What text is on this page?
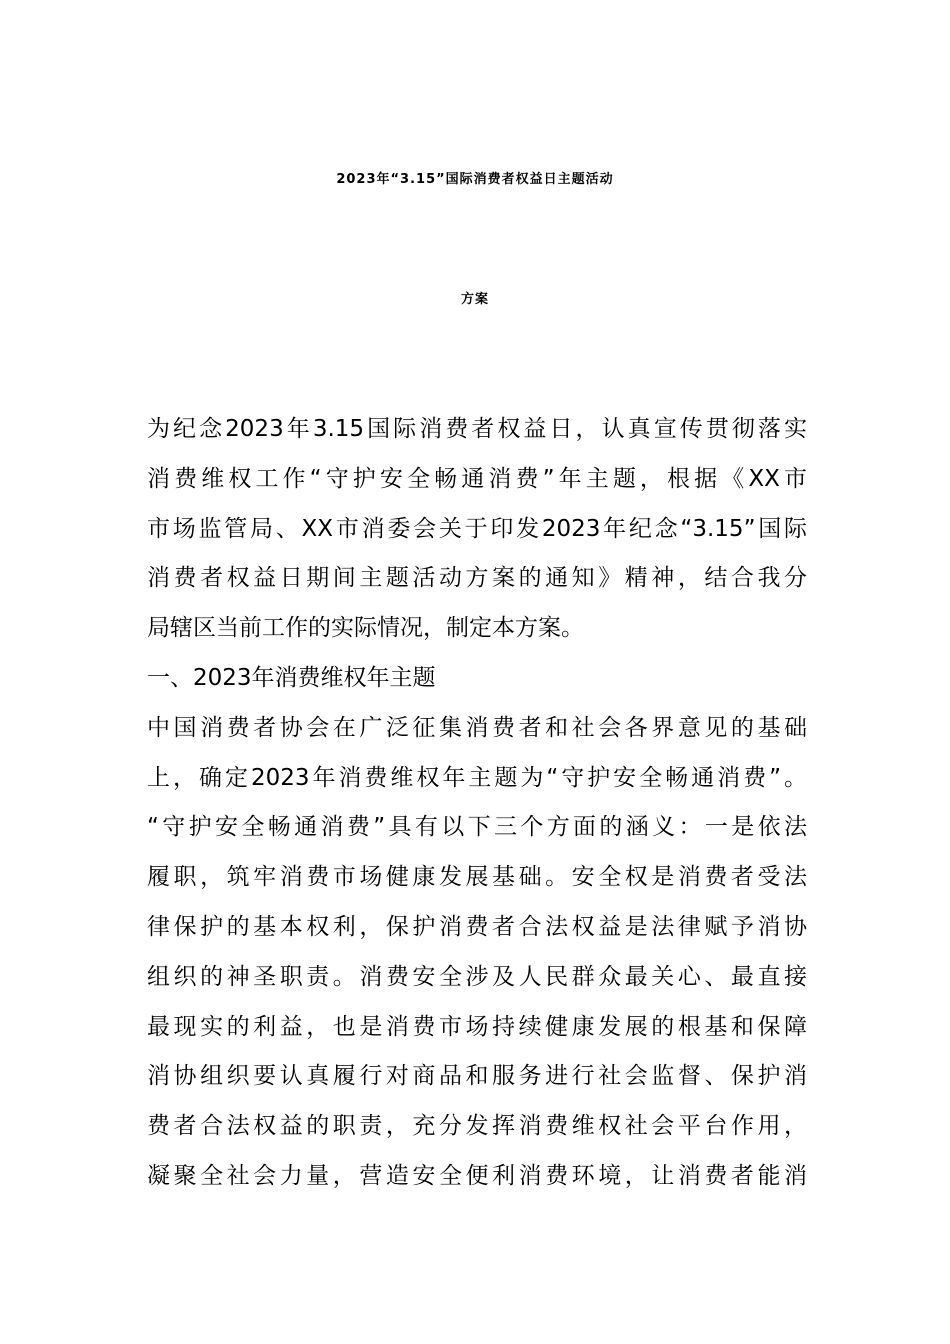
2023年“3.15”国际消费者权益日主题活动
方案
为纪念2023年3.15国际消费者权益日，认真宣传贯彻落实
消费维权工作“守护安全畅通消费”年主题，根据《XX市
市场监管局、XX市消委会关于印发2023年纪念“3.15”国际
消费者权益日期间主题活动方案的通知》精神，结合我分
局辖区当前工作的实际情况，制定本方案。
一、2023年消费维权年主题
中国消费者协会在广泛征集消费者和社会各界意见的基础
上，确定2023年消费维权年主题为“守护安全畅通消费”。
“守护安全畅通消费”具有以下三个方面的涵义：一是依法
履职，筑牢消费市场健康发展基础。安全权是消费者受法
律保护的基本权利，保护消费者合法权益是法律赋予消协
组织的神圣职责。消费安全涉及人民群众最关心、最直接
最现实的利益，也是消费市场持续健康发展的根基和保障
消协组织要认真履行对商品和服务进行社会监督、保护消
费者合法权益的职责，充分发挥消费维权社会平台作用，
凝聚全社会力量，营造安全便利消费环境，让消费者能消
